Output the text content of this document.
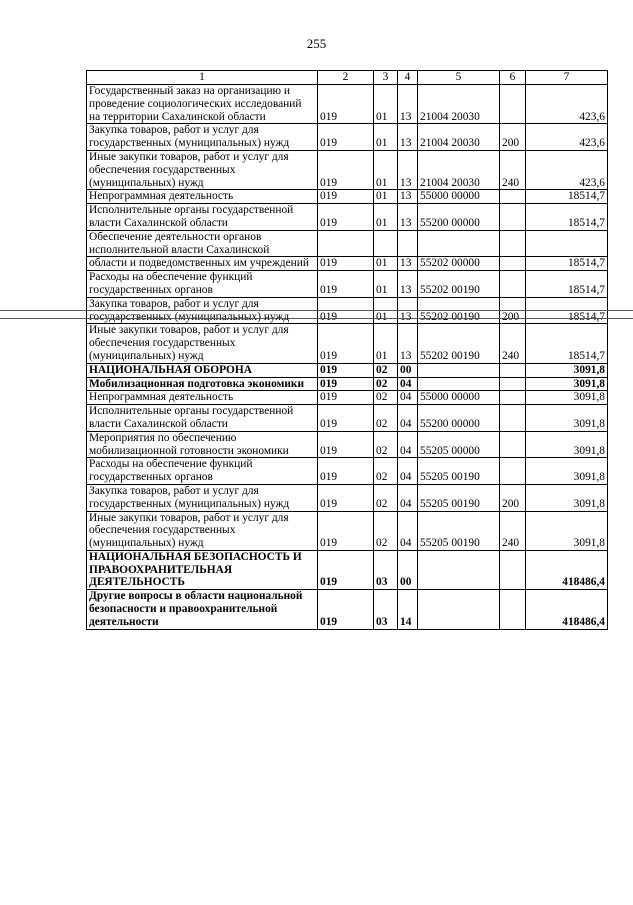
255
1	2	3	4	5	6	7
Государственный заказ на организацию и проведение социологических исследований на территории Сахалинской области	019	01	13	21004 20030		423,6
Закупка товаров, работ и услуг для государственных (муниципальных) нужд	019	01	13	21004 20030	200	423,6
Иные закупки товаров, работ и услуг для обеспечения государственных (муниципальных) нужд	019	01	13	21004 20030	240	423,6
Непрограммная деятельность	019	01	13	55000 00000		18514,7
Исполнительные органы государственной власти Сахалинской области	019	01	13	55200 00000		18514,7
Обеспечение деятельности органов исполнительной власти Сахалинской						
области и подведомственных им учреждений	019	01	13	55202 00000		18514,7
Расходы на обеспечение функций государственных органов	019	01	13	55202 00190		18514,7
Закупка товаров, работ и услуг для государственных (муниципальных) нужд	019	01	13	55202 00190	200	18514,7
Иные закупки товаров, работ и услуг для обеспечения государственных (муниципальных) нужд	019	01	13	55202 00190	240	18514,7
НАЦИОНАЛЬНАЯ ОБОРОНА	019	02	00			3091,8
Мобилизационная подготовка экономики	019	02	04			3091,8
Непрограммная деятельность	019	02	04	55000 00000		3091,8
Исполнительные органы государственной власти Сахалинской области	019	02	04	55200 00000		3091,8
Мероприятия по обеспечению мобилизационной готовности экономики	019	02	04	55205 00000		3091,8
Расходы на обеспечение функций государственных органов	019	02	04	55205 00190		3091,8
Закупка товаров, работ и услуг для государственных (муниципальных) нужд	019	02	04	55205 00190	200	3091,8
Иные закупки товаров, работ и услуг для обеспечения государственных (муниципальных) нужд	019	02	04	55205 00190	240	3091,8
НАЦИОНАЛЬНАЯ БЕЗОПАСНОСТЬ И ПРАВООХРАНИТЕЛЬНАЯ ДЕЯТЕЛЬНОСТЬ	019	03	00			418486,4
Другие вопросы в области национальной безопасности и правоохранительной деятельности	019	03	14			418486,4
